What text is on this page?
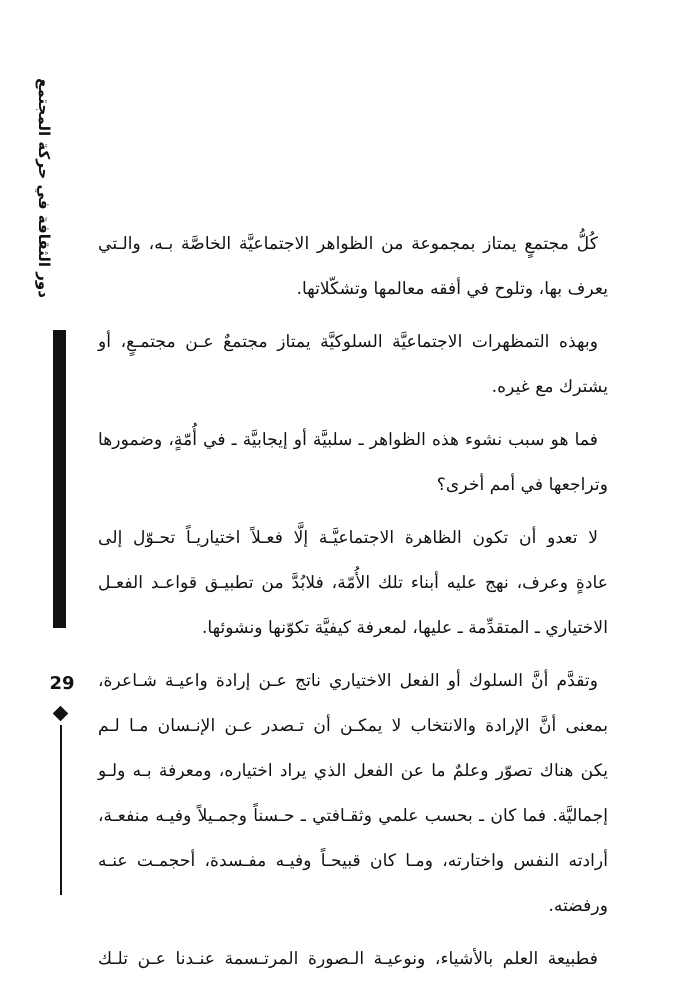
دور الثقافة في حركة المجتمع
29
كُلُّ مجتمعٍ يمتاز بمجموعة من الظواهر الاجتماعيَّة الخاصَّة بـه، والـتي
يعرف بها، وتلوح في أفقه معالمها وتشكّلاتها.
وبهذه التمظهرات الاجتماعيَّة السلوكيَّة يمتاز مجتمعٌ عـن مجتمـعٍ، أو
يشترك مع غيره.
فما هو سبب نشوء هذه الظواهر ـ سلبيَّة أو إيجابيَّة ـ في أُمّةٍ، وضمورها
وتراجعها في أمم أخرى؟
لا تعدو أن تكون الظاهرة الاجتماعيَّـة إلَّا فعـلاً اختياريـاً تحـوّل إلى
عادةٍ وعرف، نهج عليه أبناء تلك الأُمّة، فلابُدَّ من تطبيـق قواعـد الفعـل
الاختياري ـ المتقدِّمة ـ عليها، لمعرفة كيفيَّة تكوّنها ونشوئها.
وتقدَّم أنَّ السلوك أو الفعل الاختياري ناتج عـن إرادة واعيـة شـاعرة،
بمعنى أنَّ الإرادة والانتخاب لا يمكـن أن تـصدر عـن الإنـسان مـا لـم
يكن هناك تصوّر وعلمٌ ما عن الفعل الذي يراد اختياره، ومعرفة بـه ولـو
إجماليَّة. فما كان ـ بحسب علمي وثقـافتي ـ حـسناً وجمـيلاً وفيـه منفعـة،
أرادته النفس واختارته، ومـا كان قبيحـاً وفيـه مفـسدة، أحجمـت عنـه
ورفضته.
فطبيعة العلم بالأشياء، ونوعيـة الـصورة المرتـسمة عنـدنا عـن تلـك
